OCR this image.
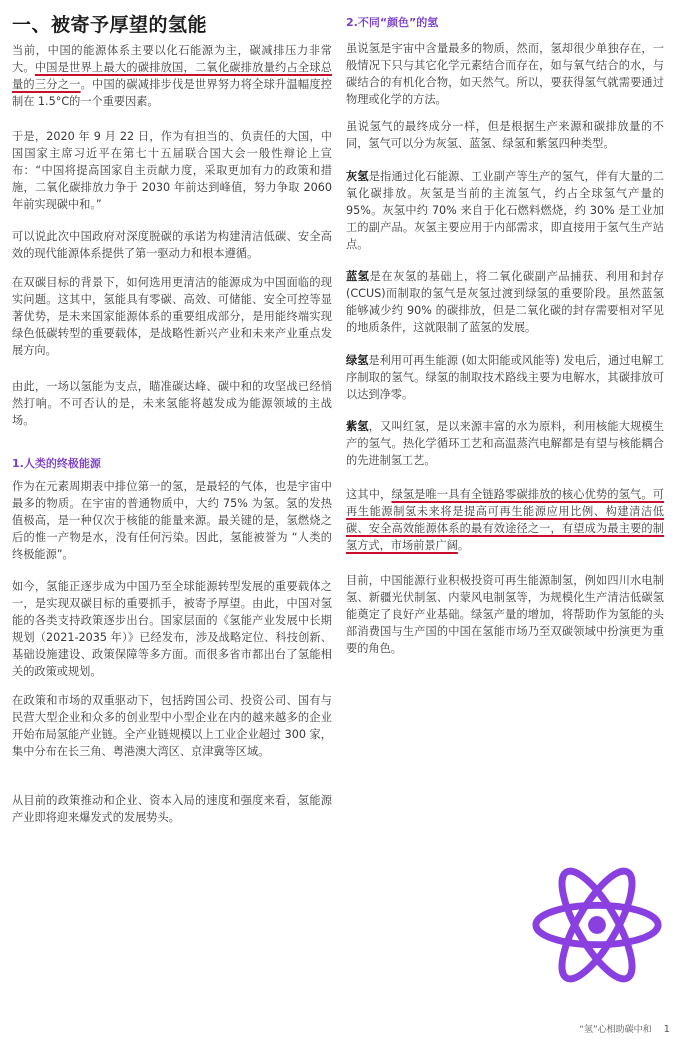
一、被寄予厚望的氢能

当前，中国的能源体系主要以化石能源为主，碳减排压力非常大。中国是世界上最大的碳排放国，二氧化碳排放量约占全球总量的三分之一。中国的碳减排步伐是世界努力将全球升温幅度控制在 1.5°C的一个重要因素。

于是，2020 年 9 月 22 日，作为有担当的、负责任的大国，中国国家主席习近平在第七十五届联合国大会一般性辩论上宣布：“中国将提高国家自主贡献力度，采取更加有力的政策和措施，二氧化碳排放力争于 2030 年前达到峰值，努力争取 2060 年前实现碳中和。”

可以说此次中国政府对深度脱碳的承诺为构建清洁低碳、安全高效的现代能源体系提供了第一驱动力和根本遵循。

在双碳目标的背景下，如何选用更清洁的能源成为中国面临的现实问题。这其中，氢能具有零碳、高效、可储能、安全可控等显著优势，是未来国家能源体系的重要组成部分，是用能终端实现绿色低碳转型的重要载体，是战略性新兴产业和未来产业重点发展方向。

由此，一场以氢能为支点，瞄准碳达峰、碳中和的攻坚战已经悄然打响。不可否认的是，未来氢能将越发成为能源领域的主战场。

1.人类的终极能源

作为在元素周期表中排位第一的氢，是最轻的气体，也是宇宙中最多的物质。在宇宙的普通物质中，大约 75% 为氢。氢的发热值极高，是一种仅次于核能的能量来源。最关键的是，氢燃烧之后的惟一产物是水，没有任何污染。因此，氢能被誉为 “人类的终极能源”。

如今，氢能正逐步成为中国乃至全球能源转型发展的重要载体之一，是实现双碳目标的重要抓手，被寄予厚望。由此，中国对氢能的各类支持政策逐步出台。国家层面的《氢能产业发展中长期规划（2021-2035 年）》已经发布，涉及战略定位、科技创新、基础设施建设、政策保障等多方面。而很多省市都出台了氢能相关的政策或规划。

在政策和市场的双重驱动下，包括跨国公司、投资公司、国有与民营大型企业和众多的创业型中小型企业在内的越来越多的企业开始布局氢能产业链。全产业链规模以上工业企业超过 300 家，集中分布在长三角、粤港澳大湾区、京津冀等区域。

从目前的政策推动和企业、资本入局的速度和强度来看，氢能源产业即将迎来爆发式的发展势头。

2.不同“颜色”的氢

虽说氢是宇宙中含量最多的物质，然而，氢却很少单独存在，一般情况下只与其它化学元素结合而存在，如与氧气结合的水，与碳结合的有机化合物，如天然气。所以，要获得氢气就需要通过物理或化学的方法。

虽说氢气的最终成分一样，但是根据生产来源和碳排放量的不同，氢气可以分为灰氢、蓝氢、绿氢和紫氢四种类型。

灰氢是指通过化石能源、工业副产等生产的氢气，伴有大量的二氧化碳排放。灰氢是当前的主流氢气，约占全球氢气产量的 95%。灰氢中约 70% 来自于化石燃料燃烧，约 30% 是工业加工的副产品。灰氢主要应用于内部需求，即直接用于氢气生产站点。

蓝氢是在灰氢的基础上，将二氧化碳副产品捕获、利用和封存(CCUS)而制取的氢气是灰氢过渡到绿氢的重要阶段。虽然蓝氢能够减少约 90% 的碳排放，但是二氧化碳的封存需要相对罕见的地质条件，这就限制了蓝氢的发展。

绿氢是利用可再生能源 (如太阳能或风能等) 发电后，通过电解工序制取的氢气。绿氢的制取技术路线主要为电解水，其碳排放可以达到净零。

紫氢，又叫红氢，是以来源丰富的水为原料，利用核能大规模生产的氢气。热化学循环工艺和高温蒸汽电解都是有望与核能耦合的先进制氢工艺。

这其中，绿氢是唯一具有全链路零碳排放的核心优势的氢气。可再生能源制氢未来将是提高可再生能源应用比例、构建清洁低碳、安全高效能源体系的最有效途径之一，有望成为最主要的制氢方式，市场前景广阔。

目前，中国能源行业积极投资可再生能源制氢，例如四川水电制氢、新疆光伏制氢、内蒙风电制氢等，为规模化生产清洁低碳氢能奠定了良好产业基础。绿氢产量的增加，将帮助作为氢能的头部消费国与生产国的中国在氢能市场乃至双碳领域中扮演更为重要的角色。

“氢”心相助碳中和 1
